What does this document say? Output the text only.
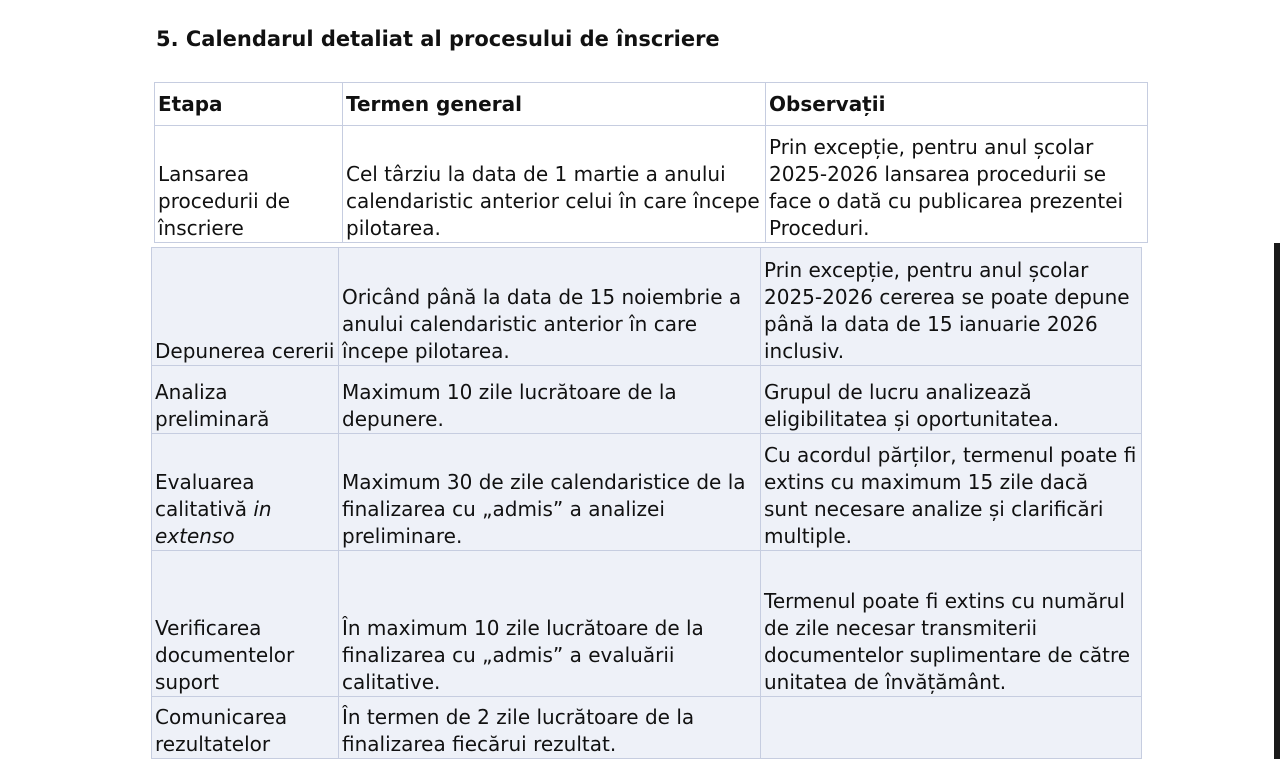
5. Calendarul detaliat al procesului de înscriere
Etapa	Termen general	Observații
Lansarea procedurii de înscriere	Cel târziu la data de 1 martie a anului calendaristic anterior celui în care începe pilotarea.	Prin excepție, pentru anul școlar 2025-2026 lansarea procedurii se face o dată cu publicarea prezentei Proceduri.
Depunerea cererii	Oricând până la data de 15 noiembrie a anului calendaristic anterior în care începe pilotarea.	Prin excepție, pentru anul școlar 2025-2026 cererea se poate depune până la data de 15 ianuarie 2026 inclusiv.
Analiza preliminară	Maximum 10 zile lucrătoare de la depunere.	Grupul de lucru analizează eligibilitatea și oportunitatea.
Evaluarea calitativă in extenso	Maximum 30 de zile calendaristice de la finalizarea cu „admis” a analizei preliminare.	Cu acordul părților, termenul poate fi extins cu maximum 15 zile dacă sunt necesare analize și clarificări multiple.
Verificarea documentelor suport	În maximum 10 zile lucrătoare de la finalizarea cu „admis” a evaluării calitative.	Termenul poate fi extins cu numărul de zile necesar transmiterii documentelor suplimentare de către unitatea de învățământ.
Comunicarea rezultatelor	În termen de 2 zile lucrătoare de la finalizarea fiecărui rezultat.	
